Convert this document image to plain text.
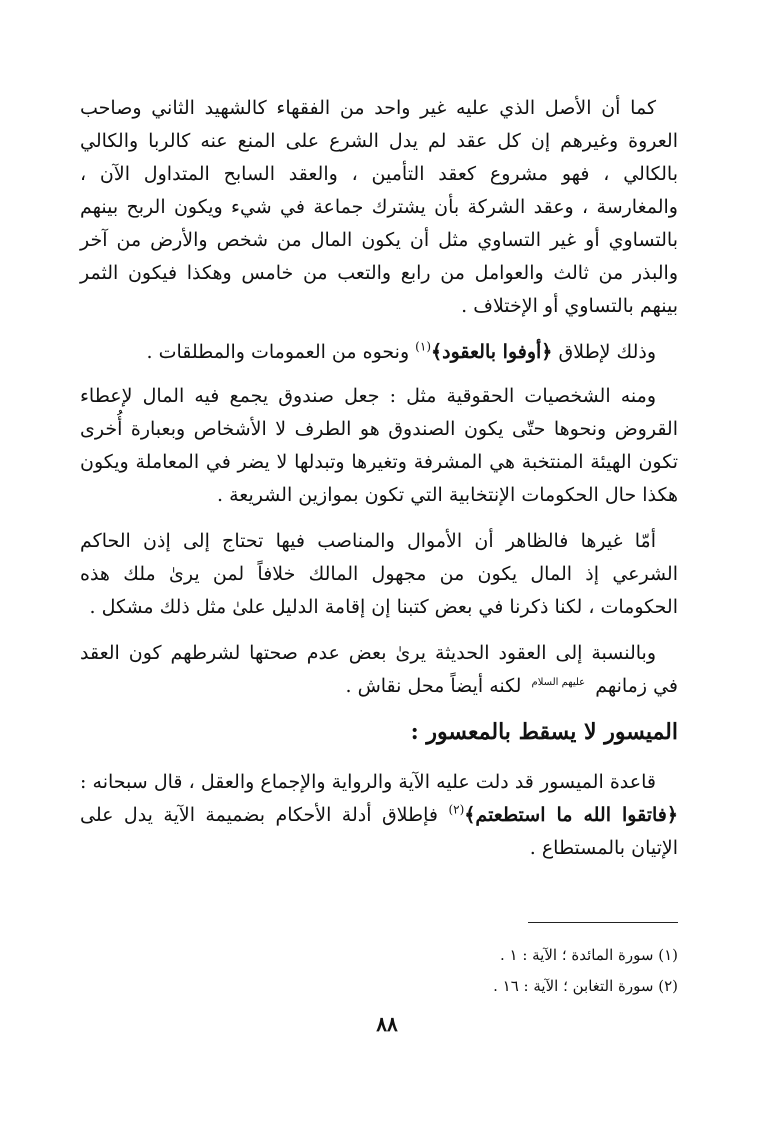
كما أن الأصل الذي عليه غير واحد من الفقهاء كالشهيد الثاني وصاحب العروة وغيرهم إن كل عقد لم يدل الشرع على المنع عنه كالربا والكالي بالكالي ، فهو مشروع كعقد التأمين ، والعقد السابح المتداول الآن ، والمغارسة ، وعقد الشركة بأن يشترك جماعة في شيء ويكون الربح بينهم بالتساوي أو غير التساوي مثل أن يكون المال من شخص والأرض من آخر والبذر من ثالث والعوامل من رابع والتعب من خامس وهكذا فيكون الثمر بينهم بالتساوي أو الإختلاف .

وذلك لإطلاق ﴿أوفوا بالعقود﴾$^{(١)}$ ونحوه من العمومات والمطلقات .

ومنه الشخصيات الحقوقية مثل : جعل صندوق يجمع فيه المال لإعطاء القروض ونحوها حتّى يكون الصندوق هو الطرف لا الأشخاص وبعبارة أُخرى تكون الهيئة المنتخبة هي المشرفة وتغيرها وتبدلها لا يضر في المعاملة ويكون هكذا حال الحكومات الإنتخابية التي تكون بموازين الشريعة .

أمّا غيرها فالظاهر أن الأموال والمناصب فيها تحتاج إلى إذن الحاكم الشرعي إذ المال يكون من مجهول المالك خلافاً لمن يرىٰ ملك هذه الحكومات ، لكنا ذكرنا في بعض كتبنا إن إقامة الدليل علىٰ مثل ذلك مشكل .

وبالنسبة إلى العقود الحديثة يرىٰ بعض عدم صحتها لشرطهم كون العقد في زمانهم $^{عليهم السلام}$ لكنه أيضاً محل نقاش .

الميسور لا يسقط بالمعسور :

قاعدة الميسور قد دلت عليه الآية والرواية والإجماع والعقل ، قال سبحانه : ﴿فاتقوا الله ما استطعتم﴾$^{(٢)}$ فإطلاق أدلة الأحكام بضميمة الآية يدل على الإتيان بالمستطاع .

(١) سورة المائدة ؛ الآية : ١ .
(٢) سورة التغابن ؛ الآية : ١٦ .
٨٨
